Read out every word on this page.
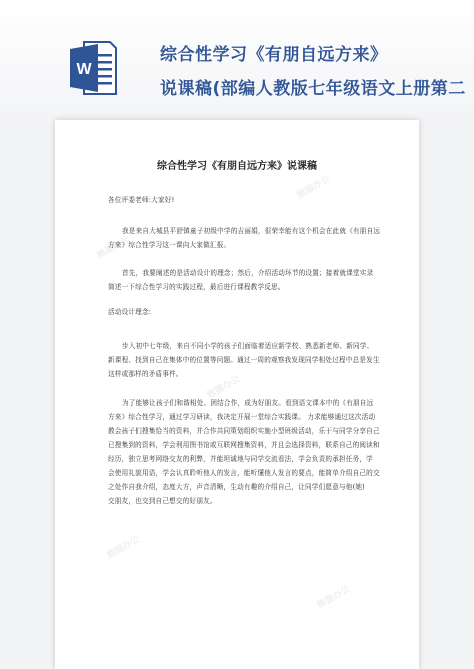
W
综合性学习《有朋自远方来》
说课稿(部编人教版七年级语文上册第二
熊猫办公
熊猫办公
熊猫办公
熊猫办公
熊猫办公
综合性学习《有朋自远方来》说课稿

各位评委老师:大家好!

我是来自大城县平舒镇童子初级中学的吉丽娟，很荣幸能有这个机会在此就《有朋自远
方来》综合性学习这一课向大家做汇报。

首先，我要阐述的是活动设计的理念；然后，介绍活动环节的设置；接着就课堂实录
简述一下综合性学习的实践过程，最后进行课程教学反思。

活动设计理念:

步入初中七年级，来自不同小学的孩子们面临着适应新学校、熟悉新老师、新同学、
新课程、找到自己在集体中的位置等问题。通过一周的观察我发现同学相处过程中总是发生
这样或那样的矛盾事件。

为了能够让孩子们和谐相处、团结合作，成为好朋友。看到语文课本中的《有朋自远
方来》综合性学习，通过学习研读，我决定开展一堂综合实践课。 力求能够通过这次活动
教会孩子们搜集恰当的资料，并合作共同策划组织实施小型班级活动，乐于与同学分享自己
已搜集到的资料，学会利用图书馆或互联网搜集资料，并且会选择资料，联系自己的阅读和
经历，独立思考网络交友的利弊，并能坦诚地与同学交流看法，学会负责的承担任务，学
会使用礼貌用语，学会认真聆听他人的发言，能听懂他人发言的要点，能简单介绍自己的交
之处作自我介绍，态度大方，声音清晰，生动有趣的介绍自己，让同学们愿意与他(她)
交朋友，也交到自己想交的好朋友。
